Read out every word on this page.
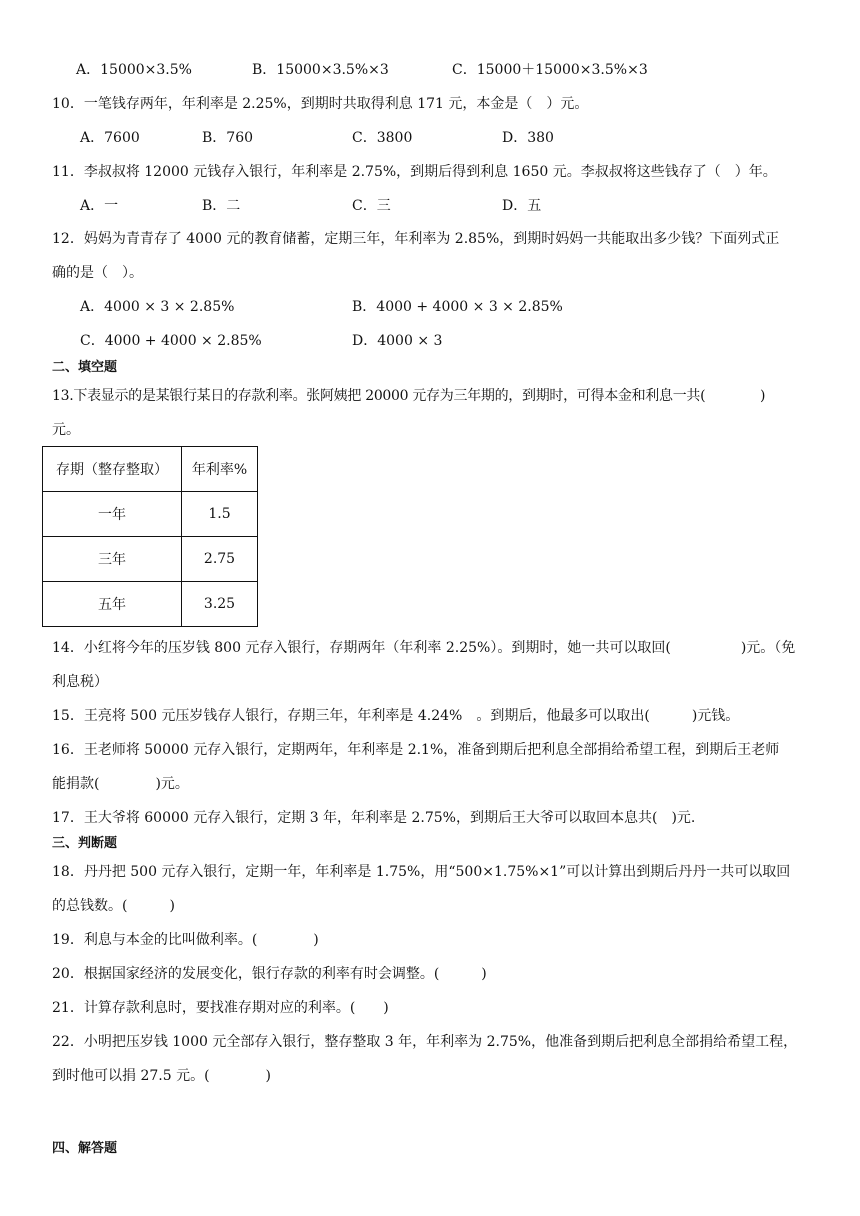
A．15000×3.5%	B．15000×3.5%×3	C．15000＋15000×3.5%×3
10．一笔钱存两年，年利率是 2.25%，到期时共取得利息 171 元，本金是（　）元。
A．7600	B．760	C．3800	D．380
11．李叔叔将 12000 元钱存入银行，年利率是 2.75%，到期后得到利息 1650 元。李叔叔将这些钱存了（　）年。
A．一	B．二	C．三	D．五
12．妈妈为青青存了 4000 元的教育储蓄，定期三年，年利率为 2.85%，到期时妈妈一共能取出多少钱？下面列式正
确的是（　）。
A．4000 × 3 × 2.85%	B．4000 + 4000 × 3 × 2.85%
C．4000 + 4000 × 2.85%	D．4000 × 3
二、填空题
13.下表显示的是某银行某日的存款利率。张阿姨把 20000 元存为三年期的，到期时，可得本金和利息一共(　　　　)
元。
存期（整存整取）	年利率%
一年	1.5
三年	2.75
五年	3.25
14．小红将今年的压岁钱 800 元存入银行，存期两年（年利率 2.25%）。到期时，她一共可以取回(　　　　　)元。（免
利息税）
15．王亮将 500 元压岁钱存人银行，存期三年，年利率是 4.24%　。到期后，他最多可以取出(　　　)元钱。
16．王老师将 50000 元存入银行，定期两年，年利率是 2.1%，准备到期后把利息全部捐给希望工程，到期后王老师
能捐款(　　　　)元。
17．王大爷将 60000 元存入银行，定期 3 年，年利率是 2.75%，到期后王大爷可以取回本息共(　)元.
三、判断题
18．丹丹把 500 元存入银行，定期一年，年利率是 1.75%，用“500×1.75%×1”可以计算出到期后丹丹一共可以取回
的总钱数。(　　　)
19．利息与本金的比叫做利率。(　　　　)
20．根据国家经济的发展变化，银行存款的利率有时会调整。(　　　)
21．计算存款利息时，要找准存期对应的利率。(　　)
22．小明把压岁钱 1000 元全部存入银行，整存整取 3 年，年利率为 2.75%，他准备到期后把利息全部捐给希望工程，
到时他可以捐 27.5 元。(　　　　)
四、解答题
